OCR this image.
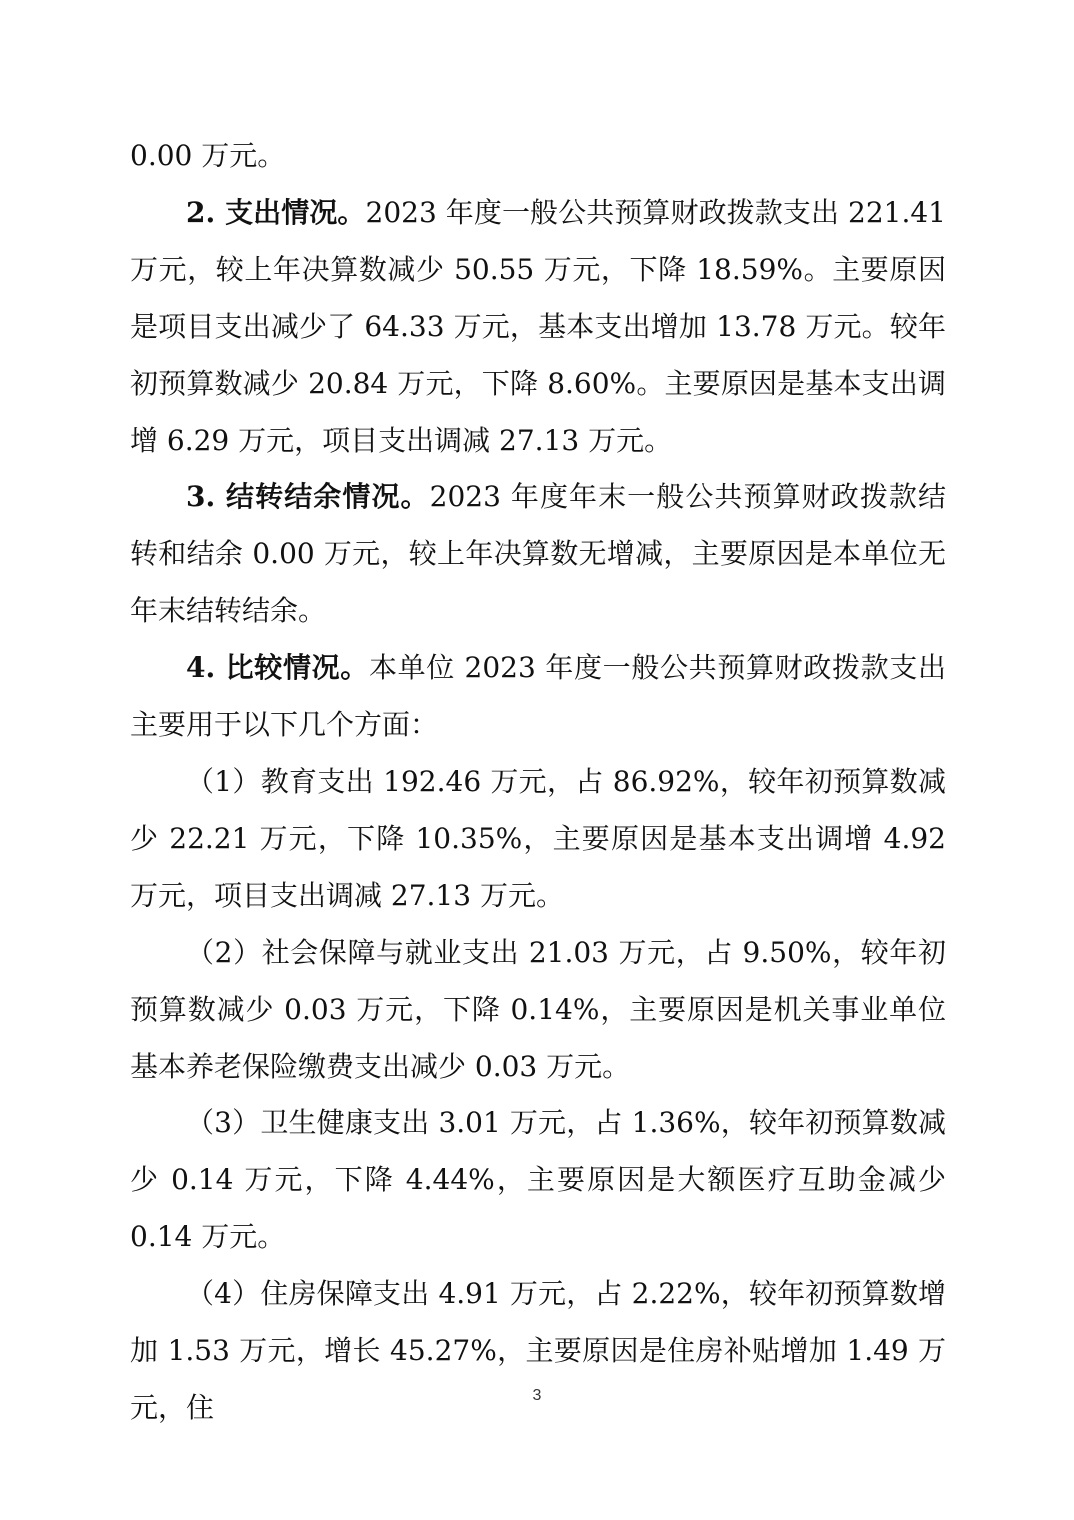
0.00 万元。

2. 支出情况。2023 年度一般公共预算财政拨款支出 221.41 万元，较上年决算数减少 50.55 万元，下降 18.59%。主要原因是项目支出减少了 64.33 万元，基本支出增加 13.78 万元。较年初预算数减少 20.84 万元，下降 8.60%。主要原因是基本支出调增 6.29 万元，项目支出调减 27.13 万元。

3. 结转结余情况。2023 年度年末一般公共预算财政拨款结转和结余 0.00 万元，较上年决算数无增减，主要原因是本单位无年末结转结余。

4. 比较情况。本单位 2023 年度一般公共预算财政拨款支出主要用于以下几个方面：

（1）教育支出 192.46 万元，占 86.92%，较年初预算数减少 22.21 万元，下降 10.35%，主要原因是基本支出调增 4.92 万元，项目支出调减 27.13 万元。

（2）社会保障与就业支出 21.03 万元，占 9.50%，较年初预算数减少 0.03 万元，下降 0.14%，主要原因是机关事业单位基本养老保险缴费支出减少 0.03 万元。

（3）卫生健康支出 3.01 万元，占 1.36%，较年初预算数减少 0.14 万元，下降 4.44%，主要原因是大额医疗互助金减少 0.14 万元。

（4）住房保障支出 4.91 万元，占 2.22%，较年初预算数增加 1.53 万元，增长 45.27%，主要原因是住房补贴增加 1.49 万元，住	3
